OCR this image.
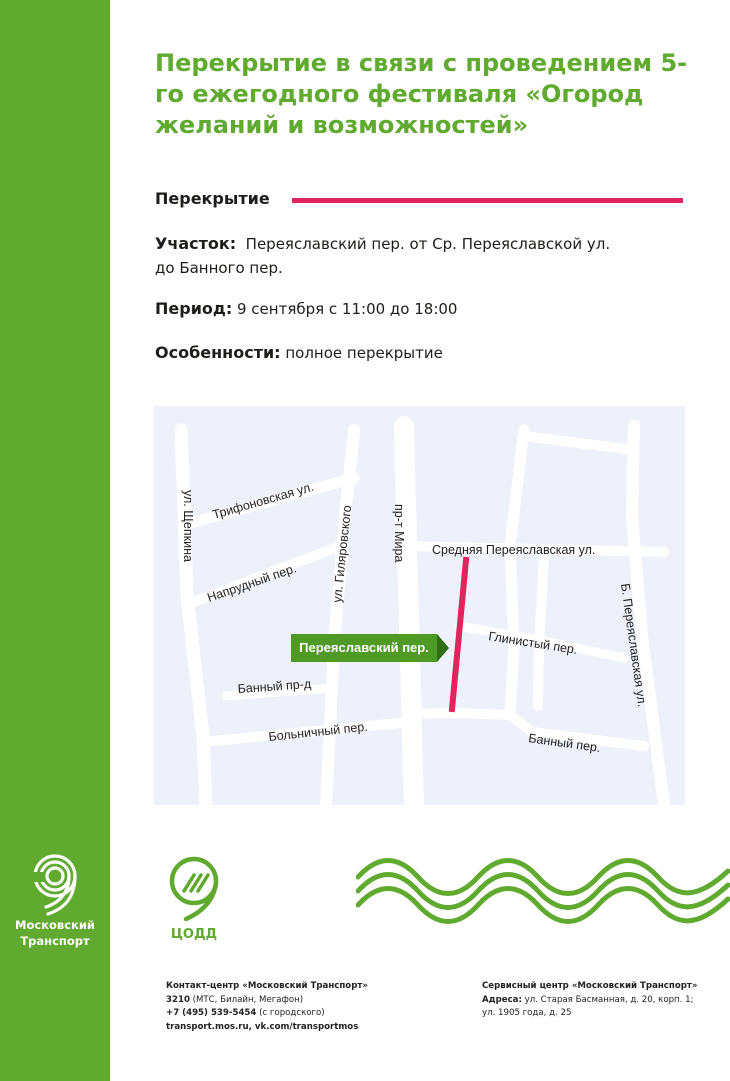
Московский
Транспорт
Перекрытие в связи с проведением 5-го ежегодного фестиваля «Огород желаний и возможностей»
Перекрытие
Участок: Переяславский пер. от Ср. Переяславской ул.
до Банного пер.
Период: 9 сентября с 11:00 до 18:00
Особенности: полное перекрытие
ул. Щепкина Трифоновская ул.
ул. Гиляровского	пр-т Мира Средняя Переяславская ул.
Напрудный пер.
Глинистый пер.	Б. Переяславская ул.
Банный пр-д
Больничный пер.	Банный пер.
Переяславский пер.
ЦОДД
Контакт-центр «Московский Транспорт»
3210 (МТС, Билайн, Мегафон)
+7 (495) 539-5454 (с городского)
transport.mos.ru, vk.com/transportmos
Сервисный центр «Московский Транспорт»
Адреса: ул. Старая Басманная, д. 20, корп. 1;
ул. 1905 года, д. 25
